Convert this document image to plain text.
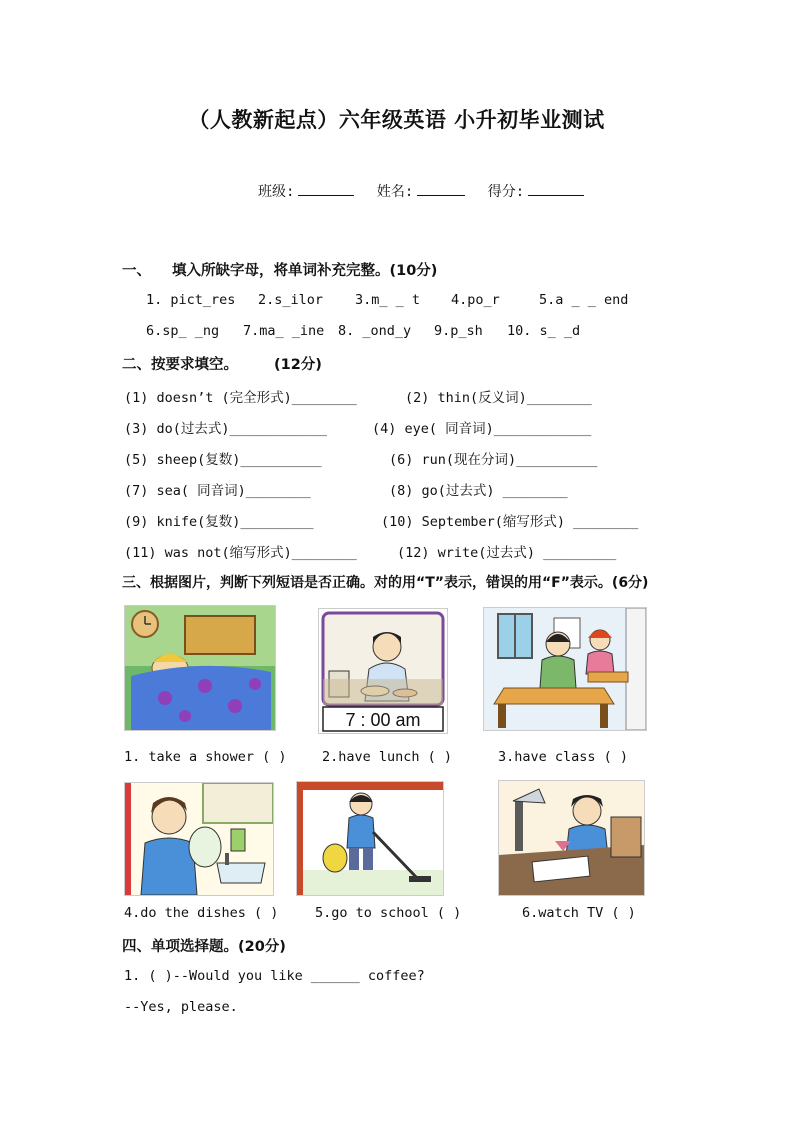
（人教新起点）六年级英语 小升初毕业测试
班级:	姓名:	得分:
一、 填入所缺字母，将单词补充完整。(10分)
1. pict_res 2.s_ilor 3.m_ _ t 4.po_r	5.a _ _ end
6.sp_ _ng 7.ma_ _ine 8. _ond_y 9.p_sh 10. s_ _d
二、按要求填空。 (12分)
(1) doesn’t (完全形式)________	(2) thin(反义词)________
(3) do(过去式)____________	(4) eye( 同音词)____________
(5) sheep(复数)__________	(6) run(现在分词)__________
(7) sea( 同音词)________	(8) go(过去式) ________
(9) knife(复数)_________	(10) September(缩写形式) ________
(11) was not(缩写形式)________	(12) write(过去式) _________
三、根据图片，判断下列短语是否正确。对的用“T”表示，错误的用“F”表示。(6分)
7 : 00 am
1. take a shower ( )	2.have lunch ( )	3.have class ( )
4.do the dishes ( )	5.go to school ( )	6.watch TV ( )
四、单项选择题。(20分)
1. ( )--Would you like ______ coffee?
--Yes, please.
